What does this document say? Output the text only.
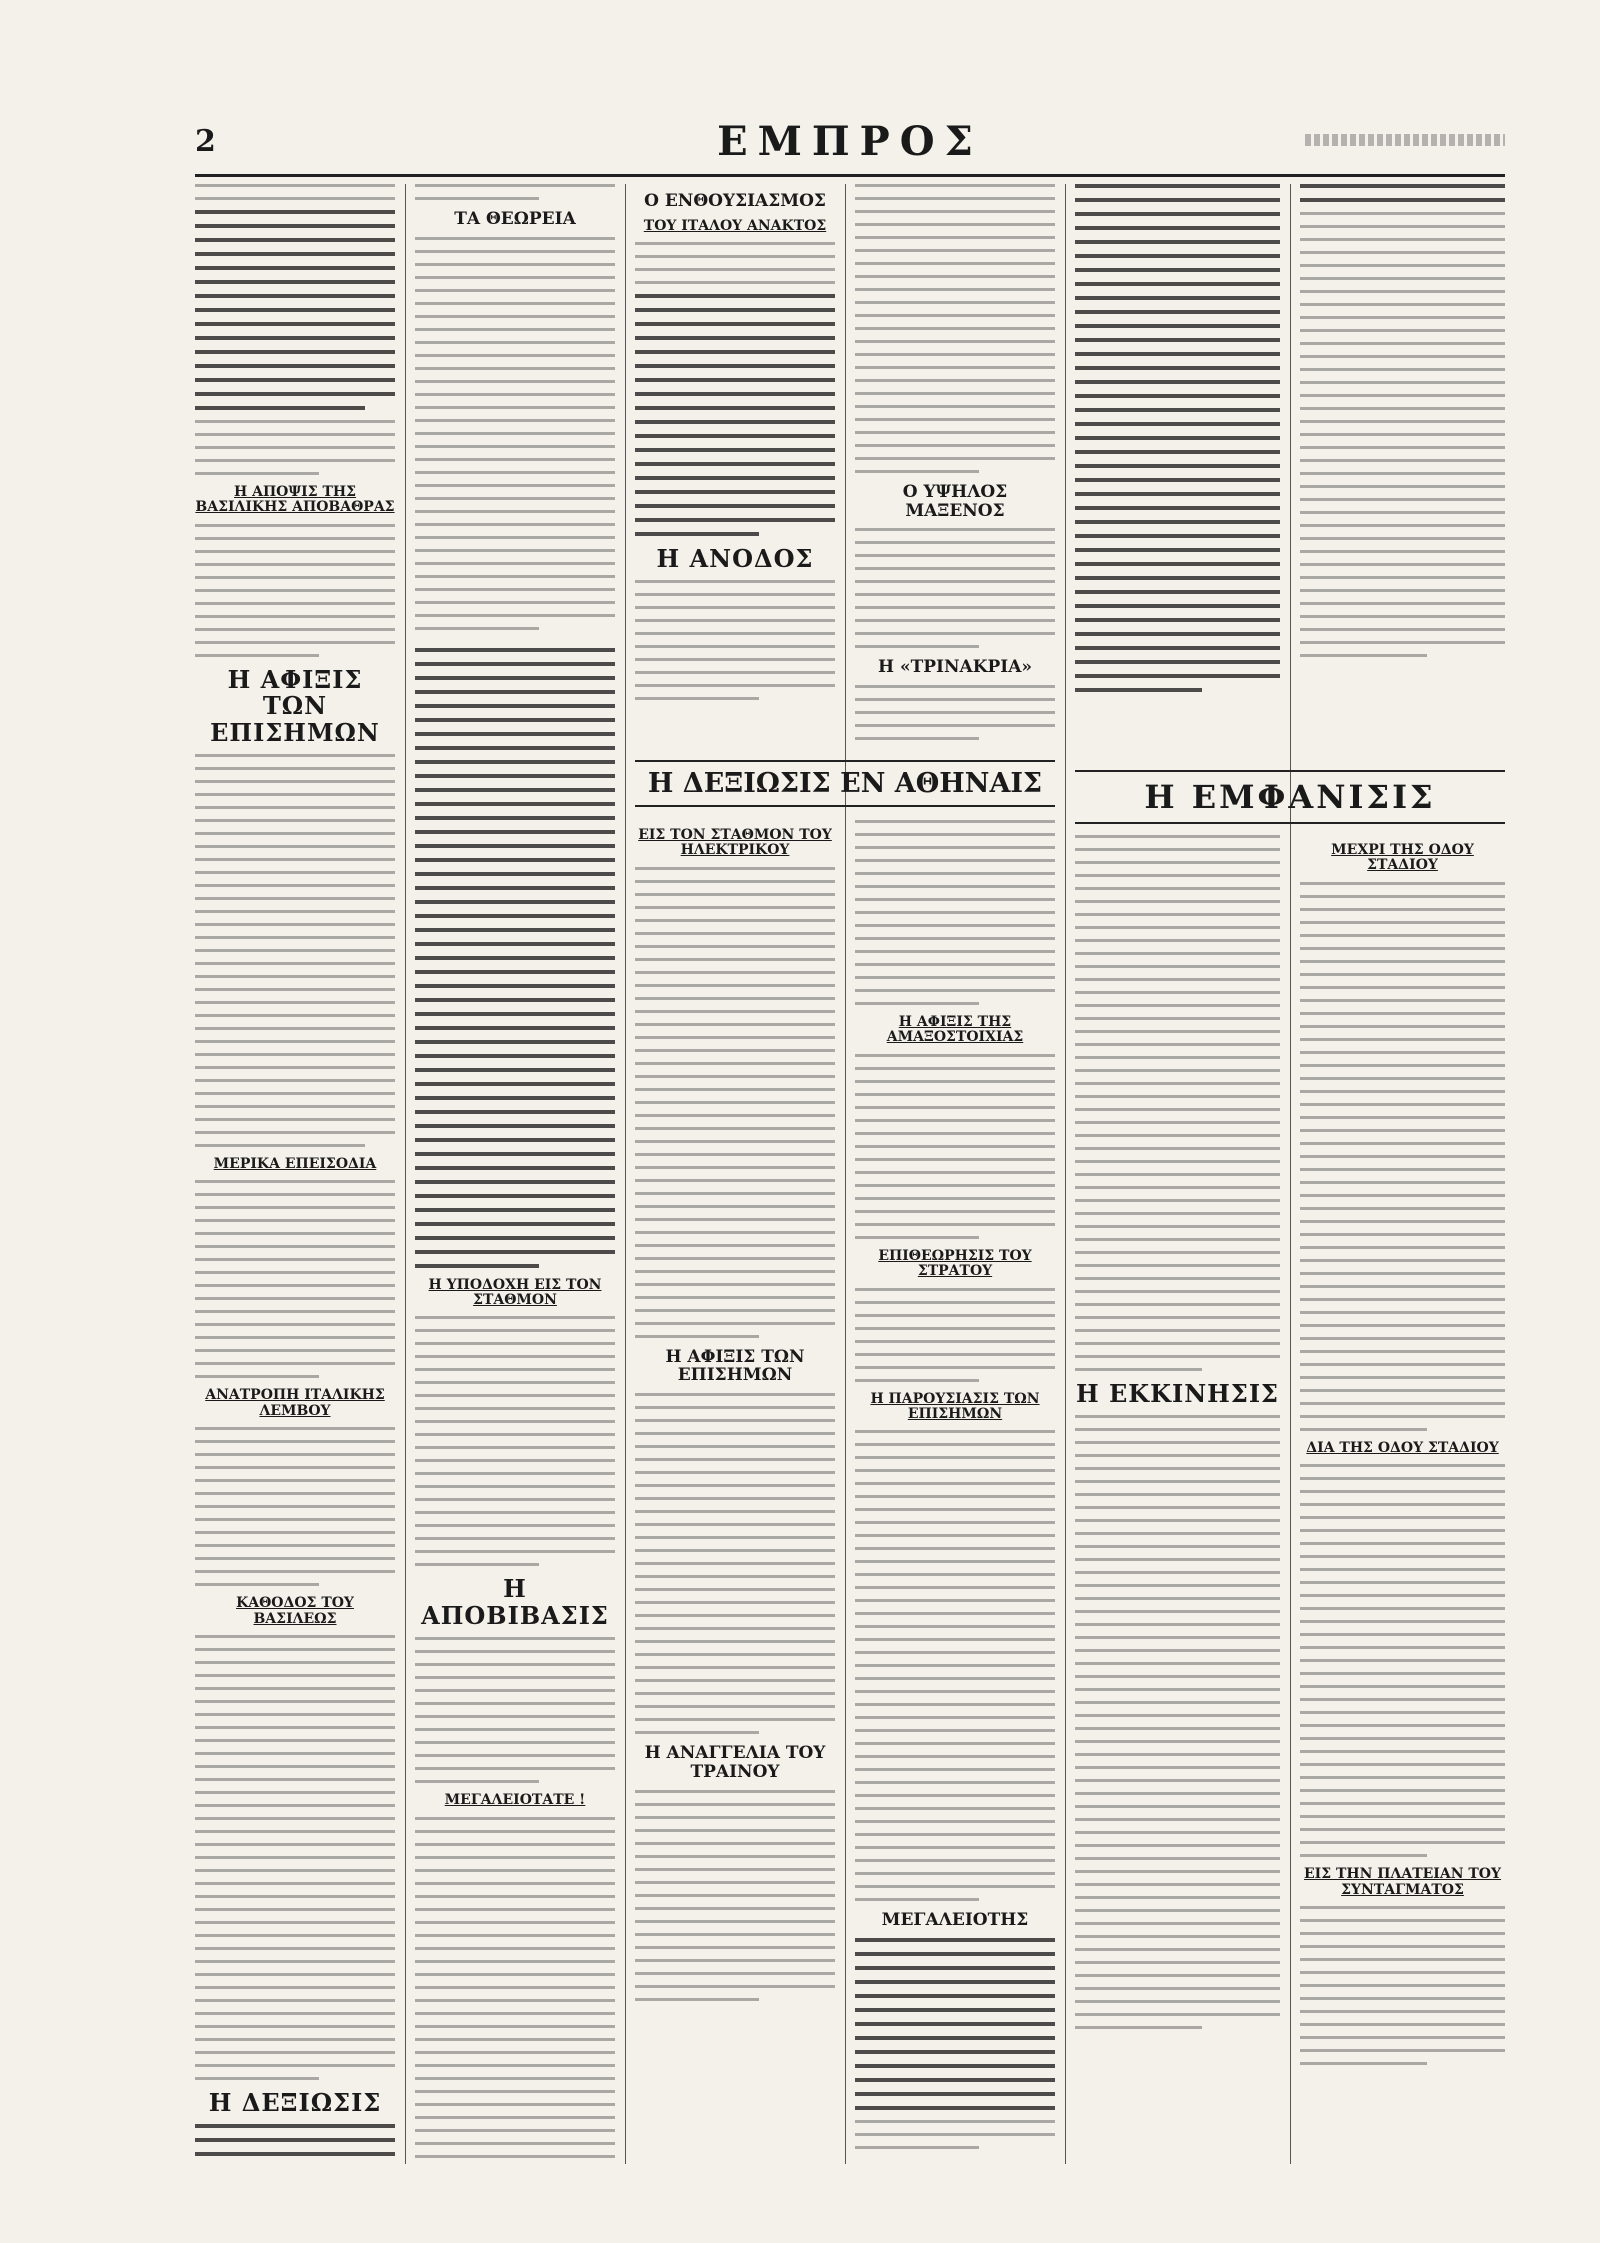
2	ΕΜΠΡΟΣ
Η ΑΠΟΨΙΣ ΤΗΣ ΒΑΣΙΛΙΚΗΣ ΑΠΟΒΑΘΡΑΣ
Η ΑΦΙΞΙΣ ΤΩΝ ΕΠΙΣΗΜΩΝ
ΜΕΡΙΚΑ ΕΠΕΙΣΟΔΙΑ
ΑΝΑΤΡΟΠΗ ΙΤΑΛΙΚΗΣ ΛΕΜΒΟΥ
ΚΑΘΟΔΟΣ ΤΟΥ ΒΑΣΙΛΕΩΣ
Η ΔΕΞΙΩΣΙΣ
ΤΑ ΘΕΩΡΕΙΑ
Η ΥΠΟΔΟΧΗ ΕΙΣ ΤΟΝ ΣΤΑΘΜΟΝ
Η ΑΠΟΒΙΒΑΣΙΣ
ΜΕΓΑΛΕΙΟΤΑΤΕ !
Ο ΕΝΘΟΥΣΙΑΣΜΟΣ
ΤΟΥ ΙΤΑΛΟΥ ΑΝΑΚΤΟΣ
Η ΑΝΟΔΟΣ
Η ΔΕΞΙΩΣΙΣ ΕΝ ΑΘΗΝΑΙΣ
ΕΙΣ ΤΟΝ ΣΤΑΘΜΟΝ ΤΟΥ ΗΛΕΚΤΡΙΚΟΥ
Η ΑΦΙΞΙΣ ΤΩΝ ΕΠΙΣΗΜΩΝ
Η ΑΝΑΓΓΕΛΙΑ ΤΟΥ ΤΡΑΙΝΟΥ
Ο ΥΨΗΛΟΣ ΜΑΞΕΝΟΣ
Η «ΤΡΙΝΑΚΡΙΑ»
Η ΑΦΙΞΙΣ ΤΗΣ ΑΜΑΞΟΣΤΟΙΧΙΑΣ
ΕΠΙΘΕΩΡΗΣΙΣ ΤΟΥ ΣΤΡΑΤΟΥ
Η ΠΑΡΟΥΣΙΑΣΙΣ ΤΩΝ ΕΠΙΣΗΜΩΝ
ΜΕΓΑΛΕΙΟΤΗΣ
Η ΕΜΦΑΝΙΣΙΣ
Η ΕΚΚΙΝΗΣΙΣ
ΜΕΧΡΙ ΤΗΣ ΟΔΟΥ ΣΤΑΔΙΟΥ
ΔΙΑ ΤΗΣ ΟΔΟΥ ΣΤΑΔΙΟΥ
ΕΙΣ ΤΗΝ ΠΛΑΤΕΙΑΝ ΤΟΥ ΣΥΝΤΑΓΜΑΤΟΣ
